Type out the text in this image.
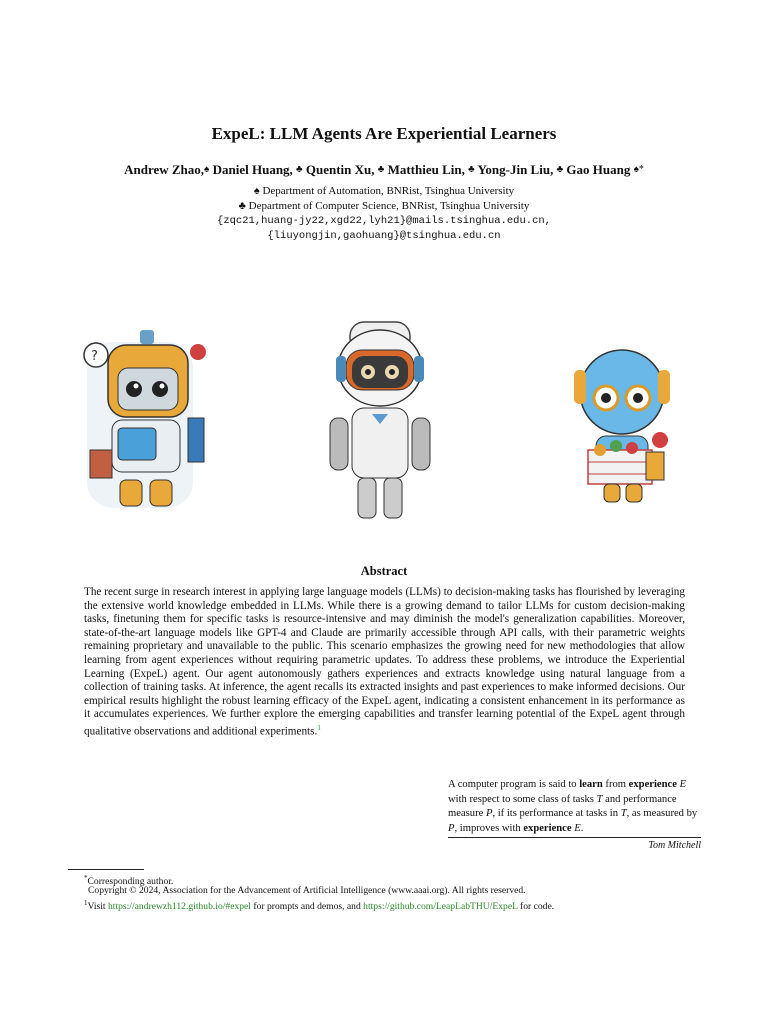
ExpeL: LLM Agents Are Experiential Learners
Andrew Zhao,♠ Daniel Huang, ♣ Quentin Xu, ♣ Matthieu Lin, ♣ Yong-Jin Liu, ♣ Gao Huang ♠*
♠ Department of Automation, BNRist, Tsinghua University
♣ Department of Computer Science, BNRist, Tsinghua University
{zqc21,huang-jy22,xgd22,lyh21}@mails.tsinghua.edu.cn,
{liuyongjin,gaohuang}@tsinghua.edu.cn
?
Abstract
The recent surge in research interest in applying large language models (LLMs) to decision-making tasks has flourished by leveraging the extensive world knowledge embedded in LLMs. While there is a growing demand to tailor LLMs for custom decision-making tasks, finetuning them for specific tasks is resource-intensive and may diminish the model's generalization capabilities. Moreover, state-of-the-art language models like GPT-4 and Claude are primarily accessible through API calls, with their parametric weights remaining proprietary and unavailable to the public. This scenario emphasizes the growing need for new methodologies that allow learning from agent experiences without requiring parametric updates. To address these problems, we introduce the Experiential Learning (ExpeL) agent. Our agent autonomously gathers experiences and extracts knowledge using natural language from a collection of training tasks. At inference, the agent recalls its extracted insights and past experiences to make informed decisions. Our empirical results highlight the robust learning efficacy of the ExpeL agent, indicating a consistent enhancement in its performance as it accumulates experiences. We further explore the emerging capabilities and transfer learning potential of the ExpeL agent through qualitative observations and additional experiments.$^1$
A computer program is said to learn from experience E with respect to some class of tasks T and performance measure P, if its performance at tasks in T, as measured by P, improves with experience E.
Tom Mitchell
*Corresponding author.
Copyright © 2024, Association for the Advancement of Artificial Intelligence (www.aaai.org). All rights reserved.
$^1$Visit https://andrewzh112.github.io/#expel for prompts and demos, and https://github.com/LeapLabTHU/ExpeL for code.
